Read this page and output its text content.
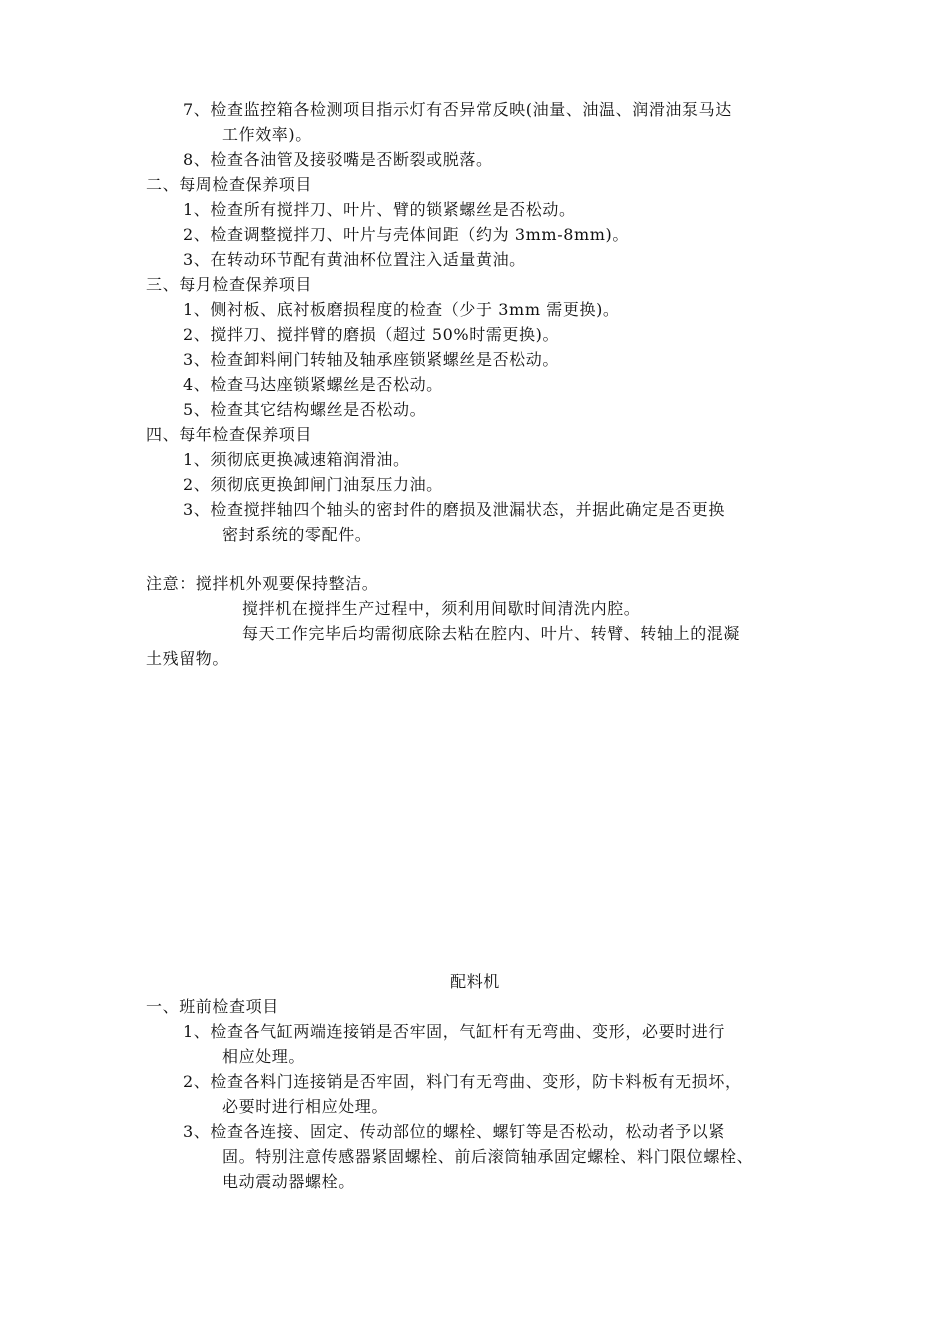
7、检查监控箱各检测项目指示灯有否异常反映(油量、油温、润滑油泵马达
工作效率)。
8、检查各油管及接驳嘴是否断裂或脱落。
二、每周检查保养项目
1、检查所有搅拌刀、叶片、臂的锁紧螺丝是否松动。
2、检查调整搅拌刀、叶片与壳体间距（约为 3mm-8mm)。
3、在转动环节配有黄油杯位置注入适量黄油。
三、每月检查保养项目
1、侧衬板、底衬板磨损程度的检查（少于 3mm 需更换)。
2、搅拌刀、搅拌臂的磨损（超过 50%时需更换)。
3、检查卸料闸门转轴及轴承座锁紧螺丝是否松动。
4、检查马达座锁紧螺丝是否松动。
5、检查其它结构螺丝是否松动。
四、每年检查保养项目
1、须彻底更换减速箱润滑油。
2、须彻底更换卸闸门油泵压力油。
3、检查搅拌轴四个轴头的密封件的磨损及泄漏状态，并据此确定是否更换
密封系统的零配件。
注意：搅拌机外观要保持整洁。
搅拌机在搅拌生产过程中，须利用间歇时间清洗内腔。
每天工作完毕后均需彻底除去粘在腔内、叶片、转臂、转轴上的混凝
土残留物。
配料机
一、班前检查项目
1、检查各气缸两端连接销是否牢固，气缸杆有无弯曲、变形，必要时进行
相应处理。
2、检查各料门连接销是否牢固，料门有无弯曲、变形，防卡料板有无损坏，
必要时进行相应处理。
3、检查各连接、固定、传动部位的螺栓、螺钉等是否松动，松动者予以紧
固。特别注意传感器紧固螺栓、前后滚筒轴承固定螺栓、料门限位螺栓、
电动震动器螺栓。
